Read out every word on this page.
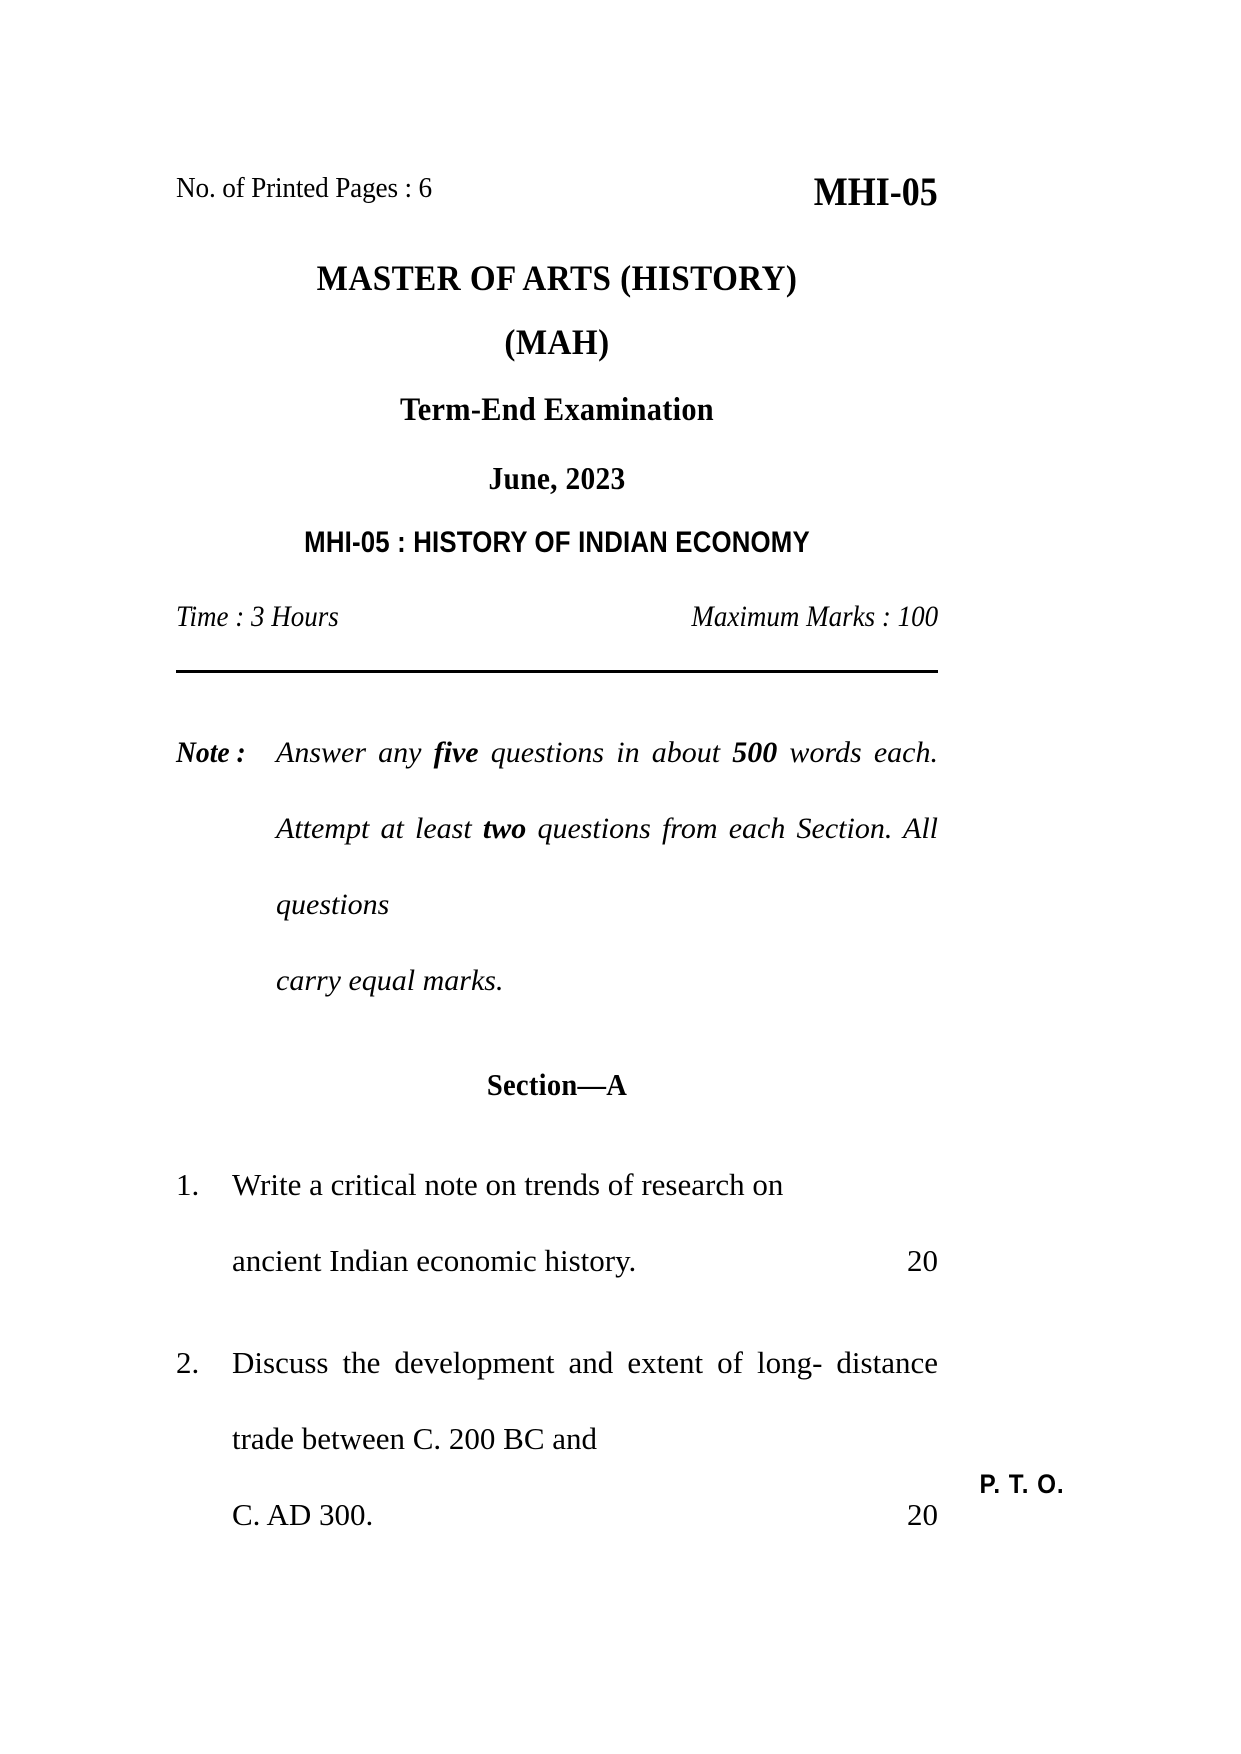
No. of Printed Pages : 6	MHI-05
MASTER OF ARTS (HISTORY)
(MAH)
Term-End Examination
June, 2023
MHI-05 : HISTORY OF INDIAN ECONOMY
Time : 3 Hours	Maximum Marks : 100
Note : Answer any five questions in about 500 words each. Attempt at least two questions from each Section. All questions
carry equal marks.
Section—A
1.	Write a critical note on trends of research on
ancient Indian economic history.	20
2.	Discuss the development and extent of long- distance trade between C. 200 BC and
C. AD 300.	20
P. T. O.
